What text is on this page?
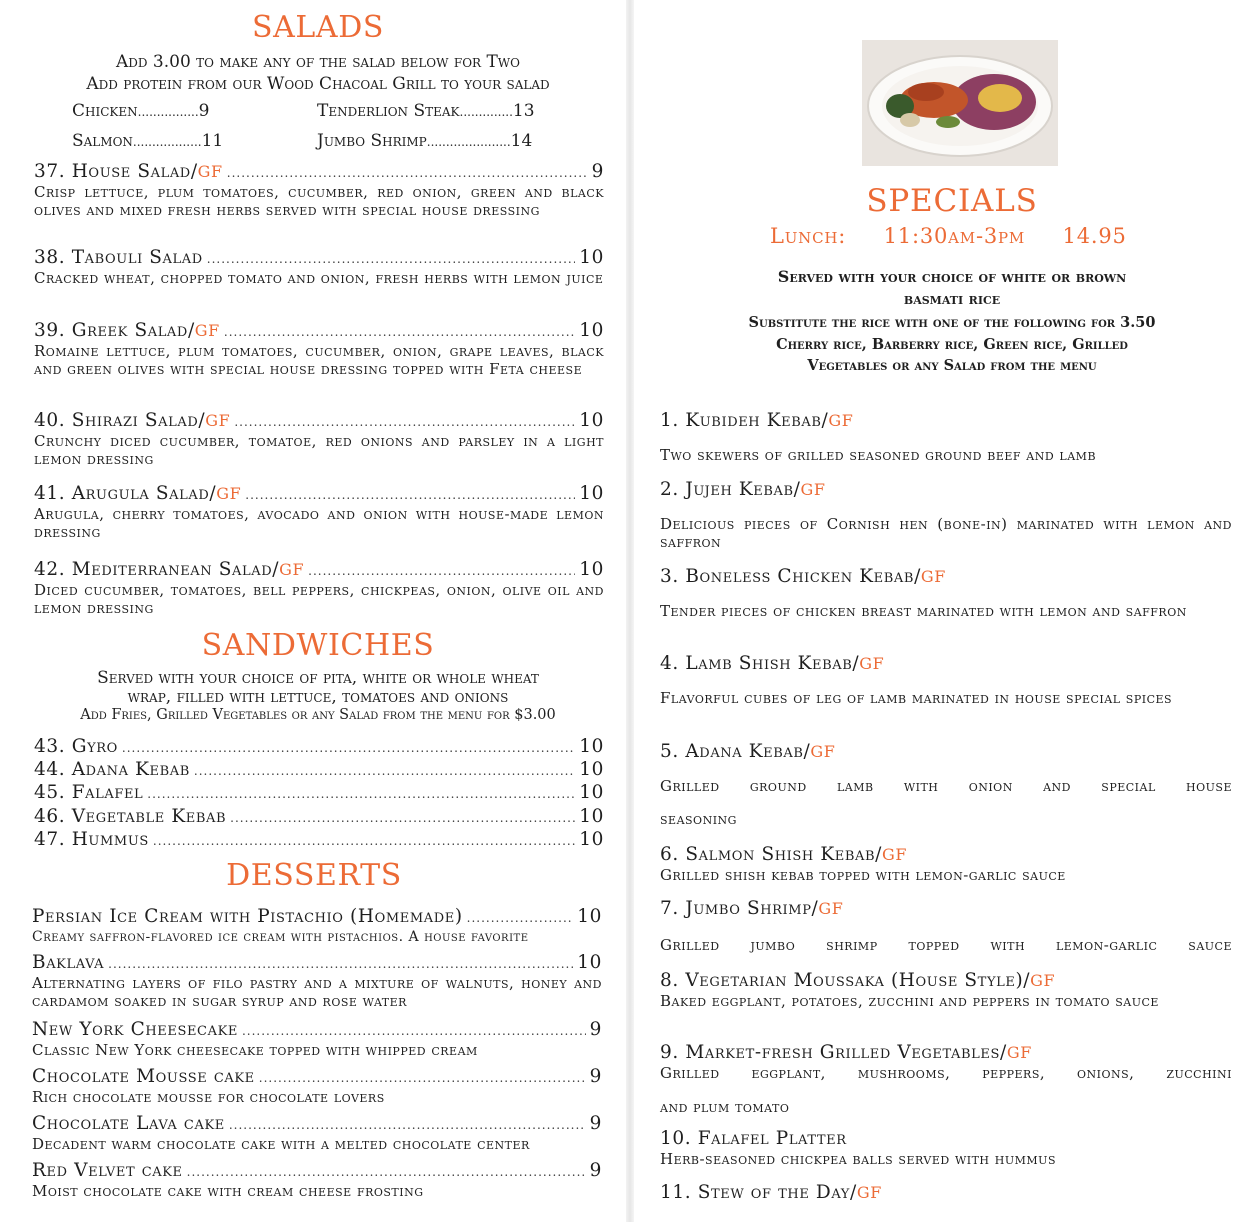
SALADS
Add 3.00 to make any of the salad below for Two
Add protein from our Wood Chacoal Grill to your salad
Chicken................9	Tenderlion Steak..............13
Salmon..................11	Jumbo Shrimp......................14
37. House Salad/ GF .....	9
Crisp lettuce, plum tomatoes, cucumber, red onion, green and black olives and mixed fresh herbs served with special house dressing
38. Tabouli Salad .....	10
Cracked wheat, chopped tomato and onion, fresh herbs with lemon juice
39. Greek Salad/ GF .....	10
Romaine lettuce, plum tomatoes, cucumber, onion, grape leaves, black and green olives with special house dressing topped with Feta cheese
40. Shirazi Salad/ GF .....	10
Crunchy diced cucumber, tomatoe, red onions and parsley in a light lemon dressing
41. Arugula Salad/ GF .....	10
Arugula, cherry tomatoes, avocado and onion with house-made lemon dressing
42. Mediterranean Salad/ GF .....	10
Diced cucumber, tomatoes, bell peppers, chickpeas, onion, olive oil and lemon dressing
SANDWICHES
Served with your choice of pita, white or whole wheat
wrap, filled with lettuce, tomatoes and onions
Add Fries, Grilled Vegetables or any Salad from the menu for $3.00
43. Gyro .....	10
44. Adana Kebab .....	10
45. Falafel .....	10
46. Vegetable Kebab .....	10
47. Hummus .....	10
DESSERTS
Persian Ice Cream with Pistachio (Homemade) .....	10
Creamy saffron-flavored ice cream with pistachios. A house favorite
Baklava .....	10
Alternating layers of filo pastry and a mixture of walnuts, honey and cardamom soaked in sugar syrup and rose water
New York Cheesecake .....	9
Classic New York cheesecake topped with whipped cream
Chocolate Mousse cake .....	9
Rich chocolate mousse for chocolate lovers
Chocolate Lava cake .....	9
Decadent warm chocolate cake with a melted chocolate center
Red Velvet cake .....	9
Moist chocolate cake with cream cheese frosting
SPECIALS
Lunch: 11:30am-3pm 14.95
Served with your choice of white or brown
basmati rice
Substitute the rice with one of the following for 3.50
Cherry rice, Barberry rice, Green rice, Grilled
Vegetables or any Salad from the menu
1. Kubideh Kebab/GF
Two skewers of grilled seasoned ground beef and lamb
2. Jujeh Kebab/GF
Delicious pieces of Cornish hen (bone-in) marinated with lemon and saffron
3. Boneless Chicken Kebab/GF
Tender pieces of chicken breast marinated with lemon and saffron
4. Lamb Shish Kebab/GF
Flavorful cubes of leg of lamb marinated in house special spices
5. Adana Kebab/GF
Grilled ground lamb with onion and special house
seasoning
6. Salmon Shish Kebab/GF
Grilled shish kebab topped with lemon-garlic sauce
7. Jumbo Shrimp/GF
Grilled jumbo shrimp topped with lemon-garlic sauce
8. Vegetarian Moussaka (House Style)/GF
Baked eggplant, potatoes, zucchini and peppers in tomato sauce
9. Market-fresh Grilled Vegetables/GF
Grilled eggplant, mushrooms, peppers, onions, zucchini
and plum tomato
10. Falafel Platter
Herb-seasoned chickpea balls served with hummus
11. Stew of the Day/GF
